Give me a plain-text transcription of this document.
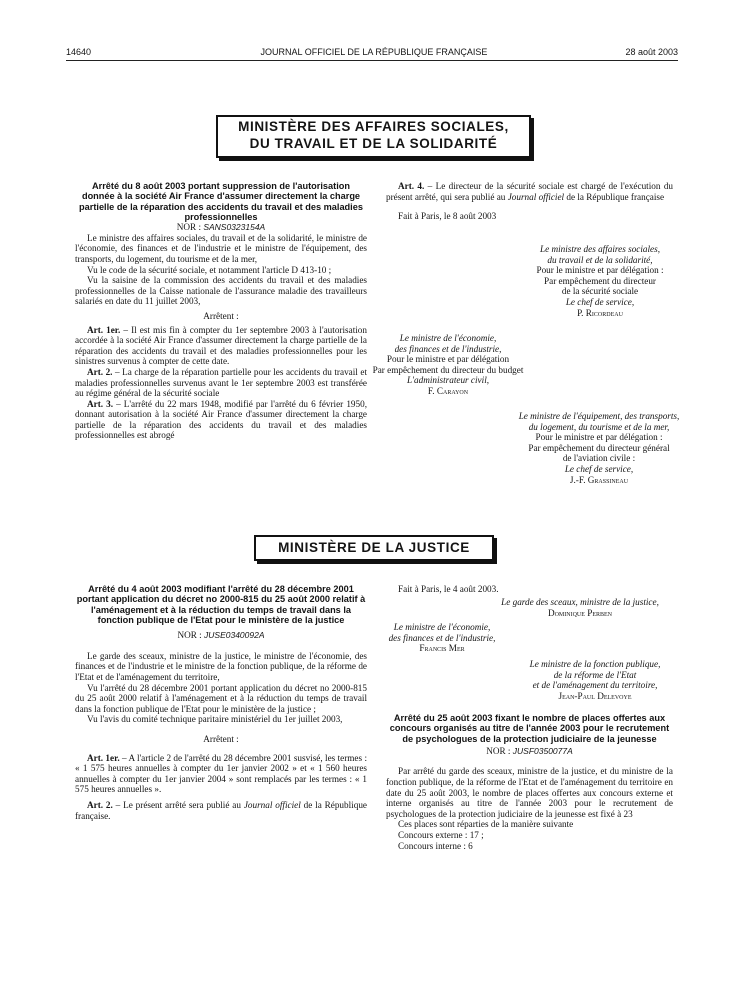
14640	JOURNAL OFFICIEL DE LA RÉPUBLIQUE FRANÇAISE	28 août 2003
MINISTÈRE DES AFFAIRES SOCIALES,
DU TRAVAIL ET DE LA SOLIDARITÉ

Arrêté du 8 août 2003 portant suppression de l'autorisation donnée à la société Air France d'assumer directement la charge partielle de la réparation des accidents du travail et des maladies professionnelles

NOR : SANS0323154A

Le ministre des affaires sociales, du travail et de la solidarité, le ministre de l'économie, des finances et de l'industrie et le ministre de l'équipement, des transports, du logement, du tourisme et de la mer,

Vu le code de la sécurité sociale, et notamment l'article D 413-10 ;

Vu la saisine de la commission des accidents du travail et des maladies professionnelles de la Caisse nationale de l'assurance maladie des travailleurs salariés en date du 11 juillet 2003,

Arrêtent :

Art. 1er. – Il est mis fin à compter du 1er septembre 2003 à l'autorisation accordée à la société Air France d'assumer directement la charge partielle de la réparation des accidents du travail et des maladies professionnelles pour les sinistres survenus à compter de cette date.

Art. 2. – La charge de la réparation partielle pour les accidents du travail et maladies professionnelles survenus avant le 1er septembre 2003 est transférée au régime général de la sécurité sociale

Art. 3. – L'arrêté du 22 mars 1948, modifié par l'arrêté du 6 février 1950, donnant autorisation à la société Air France d'assumer directement la charge partielle de la réparation des accidents du travail et des maladies professionnelles est abrogé

Art. 4. – Le directeur de la sécurité sociale est chargé de l'exécution du présent arrêté, qui sera publié au Journal officiel de la République française

Fait à Paris, le 8 août 2003

Le ministre des affaires sociales,
du travail et de la solidarité,
Pour le ministre et par délégation :
Par empêchement du directeur
de la sécurité sociale
Le chef de service,
P. Ricordeau
Le ministre de l'économie,
des finances et de l'industrie,
Pour le ministre et par délégation
Par empêchement du directeur du budget
L'administrateur civil,
F. Carayon
Le ministre de l'équipement, des transports,
du logement, du tourisme et de la mer,
Pour le ministre et par délégation :
Par empêchement du directeur général
de l'aviation civile :
Le chef de service,
J.-F. Grassineau
MINISTÈRE DE LA JUSTICE

Arrêté du 4 août 2003 modifiant l'arrêté du 28 décembre 2001 portant application du décret no 2000-815 du 25 août 2000 relatif à l'aménagement et à la réduction du temps de travail dans la fonction publique de l'Etat pour le ministère de la justice

NOR : JUSE0340092A

Le garde des sceaux, ministre de la justice, le ministre de l'économie, des finances et de l'industrie et le ministre de la fonction publique, de la réforme de l'Etat et de l'aménagement du territoire,

Vu l'arrêté du 28 décembre 2001 portant application du décret no 2000-815 du 25 août 2000 relatif à l'aménagement et à la réduction du temps de travail dans la fonction publique de l'Etat pour le ministère de la justice ;

Vu l'avis du comité technique paritaire ministériel du 1er juillet 2003,

Arrêtent :

Art. 1er. – A l'article 2 de l'arrêté du 28 décembre 2001 susvisé, les termes : « 1 575 heures annuelles à compter du 1er janvier 2002 » et « 1 560 heures annuelles à compter du 1er janvier 2004 » sont remplacés par les termes : « 1 575 heures annuelles ».

Art. 2. – Le présent arrêté sera publié au Journal officiel de la République française.

Fait à Paris, le 4 août 2003.

Le garde des sceaux, ministre de la justice,
Dominique Perben
Le ministre de l'économie,
des finances et de l'industrie,
Francis Mer
Le ministre de la fonction publique,
de la réforme de l'Etat
et de l'aménagement du territoire,
Jean-Paul Delevoye

Arrêté du 25 août 2003 fixant le nombre de places offertes aux concours organisés au titre de l'année 2003 pour le recrutement de psychologues de la protection judiciaire de la jeunesse

NOR : JUSF0350077A

Par arrêté du garde des sceaux, ministre de la justice, et du ministre de la fonction publique, de la réforme de l'Etat et de l'aménagement du territoire en date du 25 août 2003, le nombre de places offertes aux concours externe et interne organisés au titre de l'année 2003 pour le recrutement de psychologues de la protection judiciaire de la jeunesse est fixé à 23

Ces places sont réparties de la manière suivante

Concours externe : 17 ;

Concours interne : 6
